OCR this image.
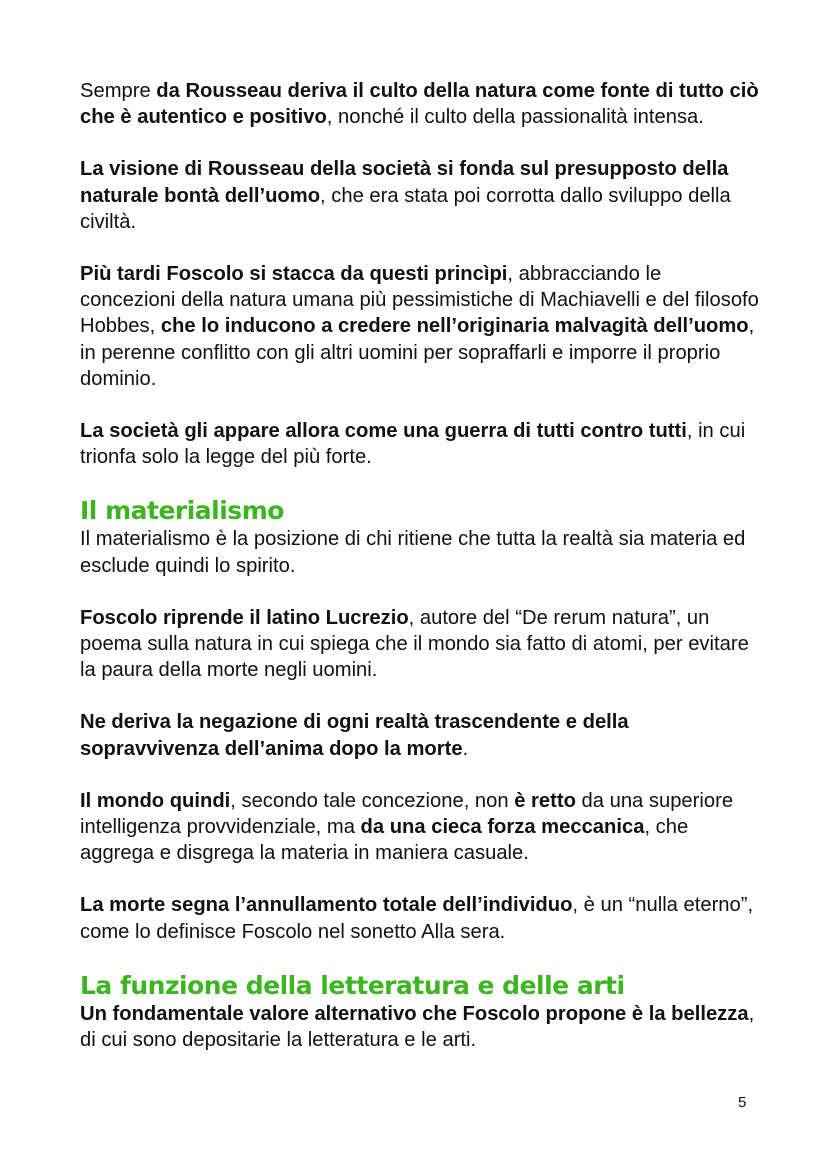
Sempre da Rousseau deriva il culto della natura come fonte di tutto ciò che è autentico e positivo, nonché il culto della passionalità intensa.

La visione di Rousseau della società si fonda sul presupposto della naturale bontà dell’uomo, che era stata poi corrotta dallo sviluppo della civiltà.

Più tardi Foscolo si stacca da questi princìpi, abbracciando le concezioni della natura umana più pessimistiche di Machiavelli e del filosofo Hobbes, che lo inducono a credere nell’originaria malvagità dell’uomo, in perenne conflitto con gli altri uomini per sopraffarli e imporre il proprio dominio.

La società gli appare allora come una guerra di tutti contro tutti, in cui trionfa solo la legge del più forte.

Il materialismo

Il materialismo è la posizione di chi ritiene che tutta la realtà sia materia ed esclude quindi lo spirito.

Foscolo riprende il latino Lucrezio, autore del “De rerum natura”, un poema sulla natura in cui spiega che il mondo sia fatto di atomi, per evitare la paura della morte negli uomini.

Ne deriva la negazione di ogni realtà trascendente e della sopravvivenza dell’anima dopo la morte.

Il mondo quindi, secondo tale concezione, non è retto da una superiore intelligenza provvidenziale, ma da una cieca forza meccanica, che aggrega e disgrega la materia in maniera casuale.

La morte segna l’annullamento totale dell’individuo, è un “nulla eterno”, come lo definisce Foscolo nel sonetto Alla sera.

La funzione della letteratura e delle arti

Un fondamentale valore alternativo che Foscolo propone è la bellezza, di cui sono depositarie la letteratura e le arti.

5
